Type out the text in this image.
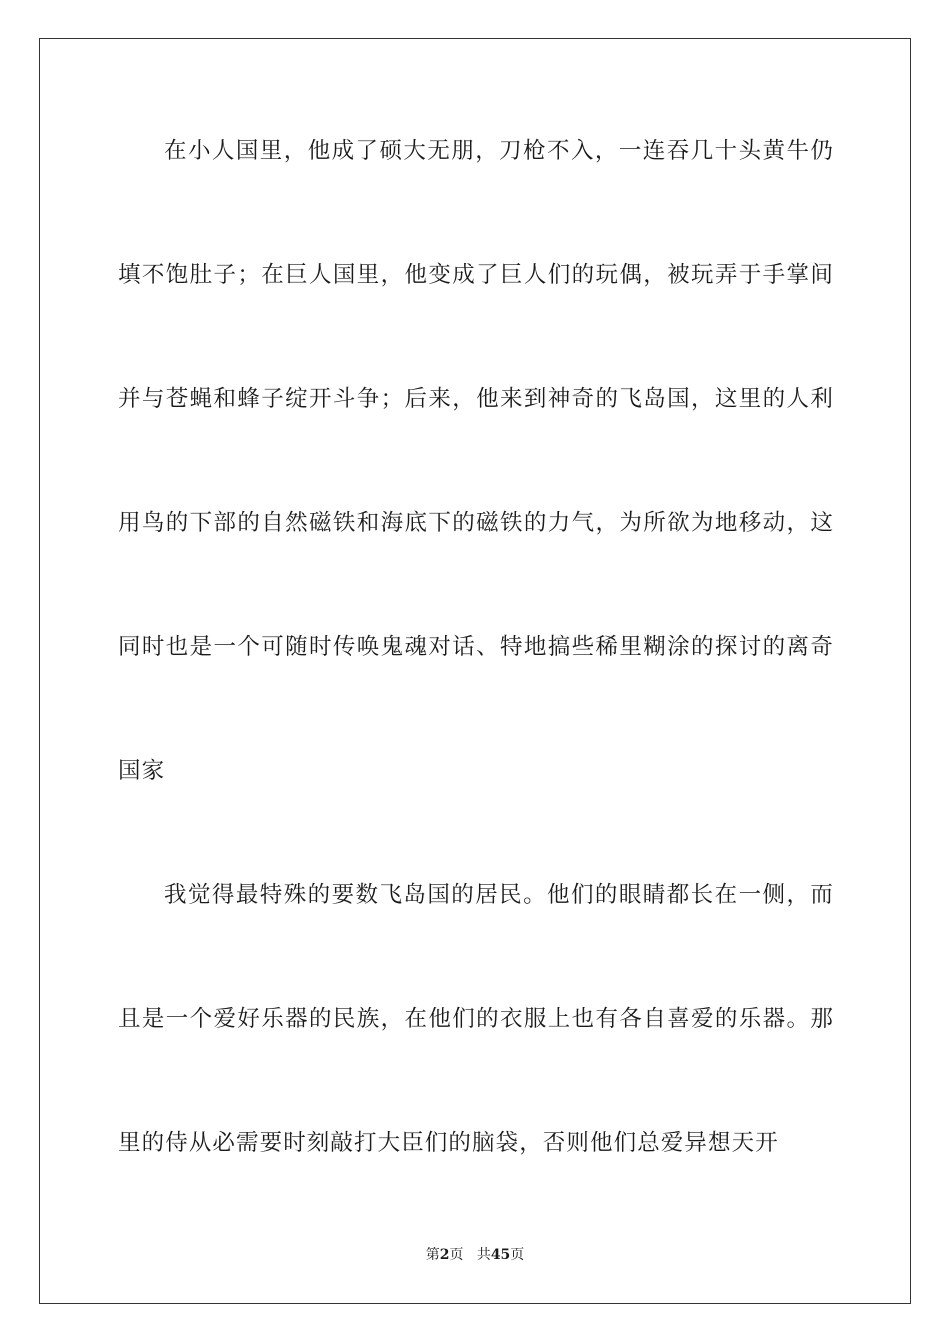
在小人国里，他成了硕大无朋，刀枪不入，一连吞几十头黄牛仍
填不饱肚子；在巨人国里，他变成了巨人们的玩偶，被玩弄于手掌间
并与苍蝇和蜂子绽开斗争；后来，他来到神奇的飞岛国，这里的人利
用鸟的下部的自然磁铁和海底下的磁铁的力气，为所欲为地移动，这
同时也是一个可随时传唤鬼魂对话、特地搞些稀里糊涂的探讨的离奇
国家
我觉得最特殊的要数飞岛国的居民。他们的眼睛都长在一侧，而
且是一个爱好乐器的民族，在他们的衣服上也有各自喜爱的乐器。那
里的侍从必需要时刻敲打大臣们的脑袋，否则他们总爱异想天开
第2页 共45页
